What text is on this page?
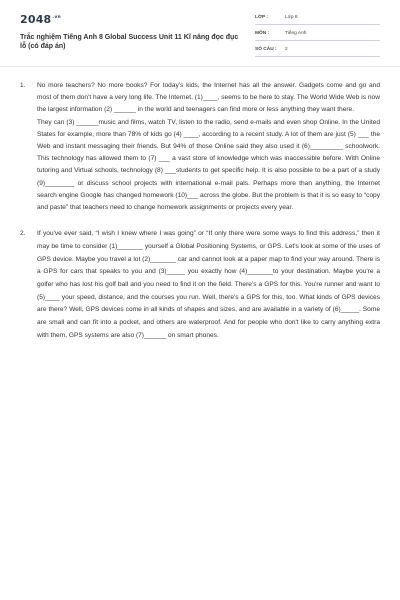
$2048^{.vn}$
Trắc nghiệm Tiếng Anh 8 Global Success Unit 11 Kĩ năng đọc đục lỗ (có đáp án)
LỚP :	Lớp 8
MÔN :	Tiếng Anh
SỐ CÂU : 2
1. No more teachers? No more books? For today’s kids, the Internet has all the answer. Gadgets come and go and most of them don't have a very long life. The Internet, (1)____, seems to be here to stay. The World Wide Web is now the largest information (2) ______ in the world and teenagers can find more or less anything they want there.

They can (3) ______music and films, watch TV, listen to the radio, send e-mails and even shop Online. In the United States for example, more than 78% of kids go (4) ____, according to a recent study. A lot of them are just (5) ___ the Web and instant messaging their friends. But 94% of those Online said they also used it (6)_________ schoolwork. This technology has allowed them to (7) ___ a vast store of knowledge which was inaccessible before. With Online tutoring and Virtual schools, technology (8) ___students to get specific help. It is also possible to be a part of a study (9)________ or discuss school projects with international e-mail pals. Perhaps more than anything, the Internet search engine Google has changed homework (10)___ across the globe. But the problem is that it is so easy to “copy and paste” that teachers need to change homework assignments or projects every year.

2. If you've ever said, “I wish I knew where I was going” or “If only there were some ways to find this address,” then it may be time to consider (1)_______ yourself a Global Positioning Systems, or GPS. Let's look at some of the uses of GPS device. Maybe you travel a lot (2)_______ car and cannot look at a paper map to find your way around. There is a GPS for cars that speaks to you and (3)_____ you exactly how (4)_______to your destination. Maybe you're a golfer who has lost his golf ball and you need to find it on the field. There's a GPS for this. You're runner and want to (5)____ your speed, distance, and the courses you run. Well, there's a GPS for this, too. What kinds of GPS devices are there? Well, GPS devices come in all kinds of shapes and sizes, and are available in a variety of (6)_____. Some are small and can fit into a pocket, and others are waterproof. And for people who don't like to carry anything extra with them, GPS systems are also (7)______ on smart phones.
